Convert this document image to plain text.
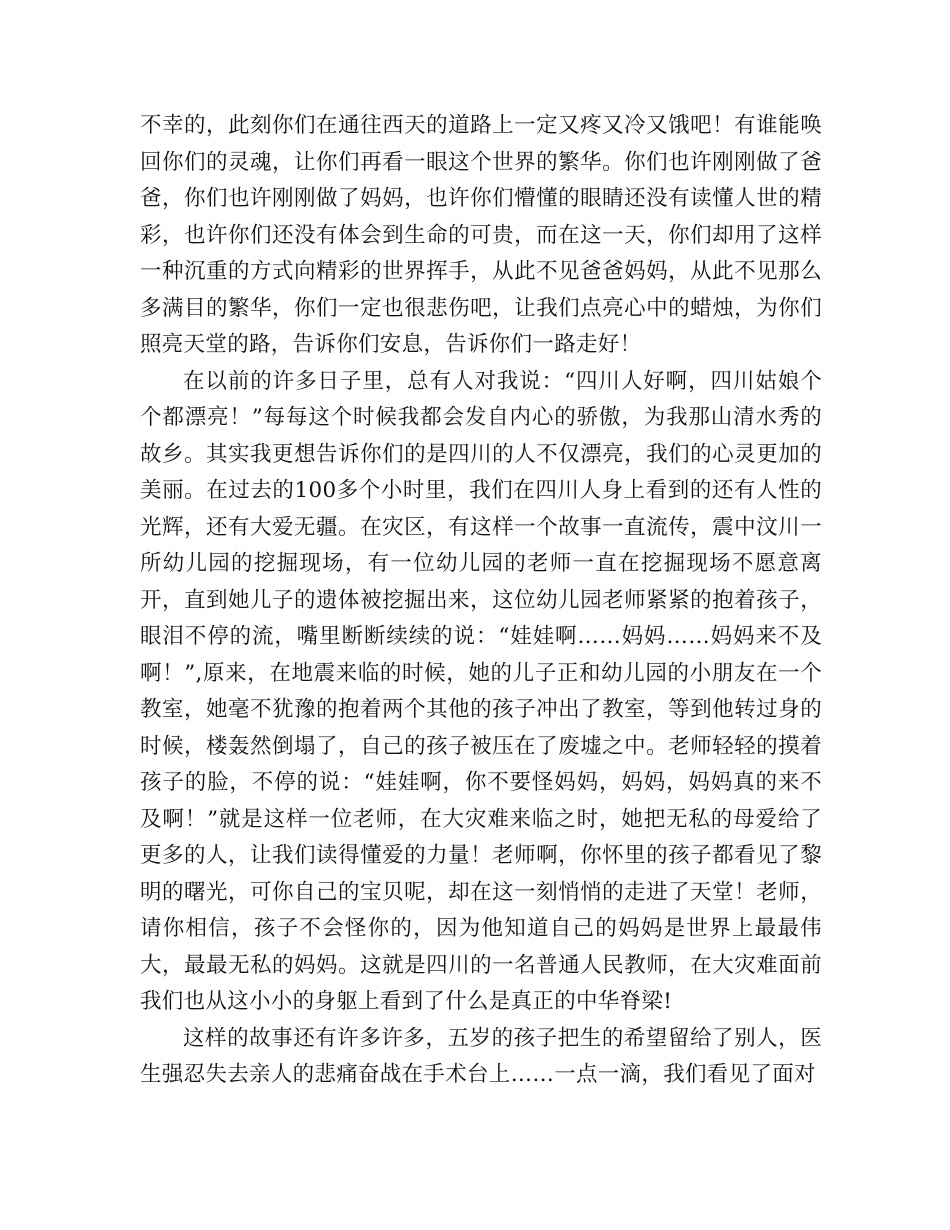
不幸的，此刻你们在通往西天的道路上一定又疼又冷又饿吧！有谁能唤回你们的灵魂，让你们再看一眼这个世界的繁华。你们也许刚刚做了爸爸，你们也许刚刚做了妈妈，也许你们懵懂的眼睛还没有读懂人世的精彩，也许你们还没有体会到生命的可贵，而在这一天，你们却用了这样一种沉重的方式向精彩的世界挥手，从此不见爸爸妈妈，从此不见那么多满目的繁华，你们一定也很悲伤吧，让我们点亮心中的蜡烛，为你们照亮天堂的路，告诉你们安息，告诉你们一路走好！

在以前的许多日子里，总有人对我说：“四川人好啊，四川姑娘个个都漂亮！”每每这个时候我都会发自内心的骄傲，为我那山清水秀的故乡。其实我更想告诉你们的是四川的人不仅漂亮，我们的心灵更加的美丽。在过去的100多个小时里，我们在四川人身上看到的还有人性的光辉，还有大爱无疆。在灾区，有这样一个故事一直流传，震中汶川一所幼儿园的挖掘现场，有一位幼儿园的老师一直在挖掘现场不愿意离开，直到她儿子的遗体被挖掘出来，这位幼儿园老师紧紧的抱着孩子，眼泪不停的流，嘴里断断续续的说：“娃娃啊……妈妈……妈妈来不及啊！”,原来，在地震来临的时候，她的儿子正和幼儿园的小朋友在一个教室，她毫不犹豫的抱着两个其他的孩子冲出了教室，等到他转过身的时候，楼轰然倒塌了，自己的孩子被压在了废墟之中。老师轻轻的摸着孩子的脸，不停的说：“娃娃啊，你不要怪妈妈，妈妈，妈妈真的来不及啊！”就是这样一位老师，在大灾难来临之时，她把无私的母爱给了更多的人，让我们读得懂爱的力量！老师啊，你怀里的孩子都看见了黎明的曙光，可你自己的宝贝呢，却在这一刻悄悄的走进了天堂！老师，请你相信，孩子不会怪你的，因为他知道自己的妈妈是世界上最最伟大，最最无私的妈妈。这就是四川的一名普通人民教师，在大灾难面前我们也从这小小的身躯上看到了什么是真正的中华脊梁!

这样的故事还有许多许多，五岁的孩子把生的希望留给了别人，医生强忍失去亲人的悲痛奋战在手术台上……一点一滴，我们看见了面对
